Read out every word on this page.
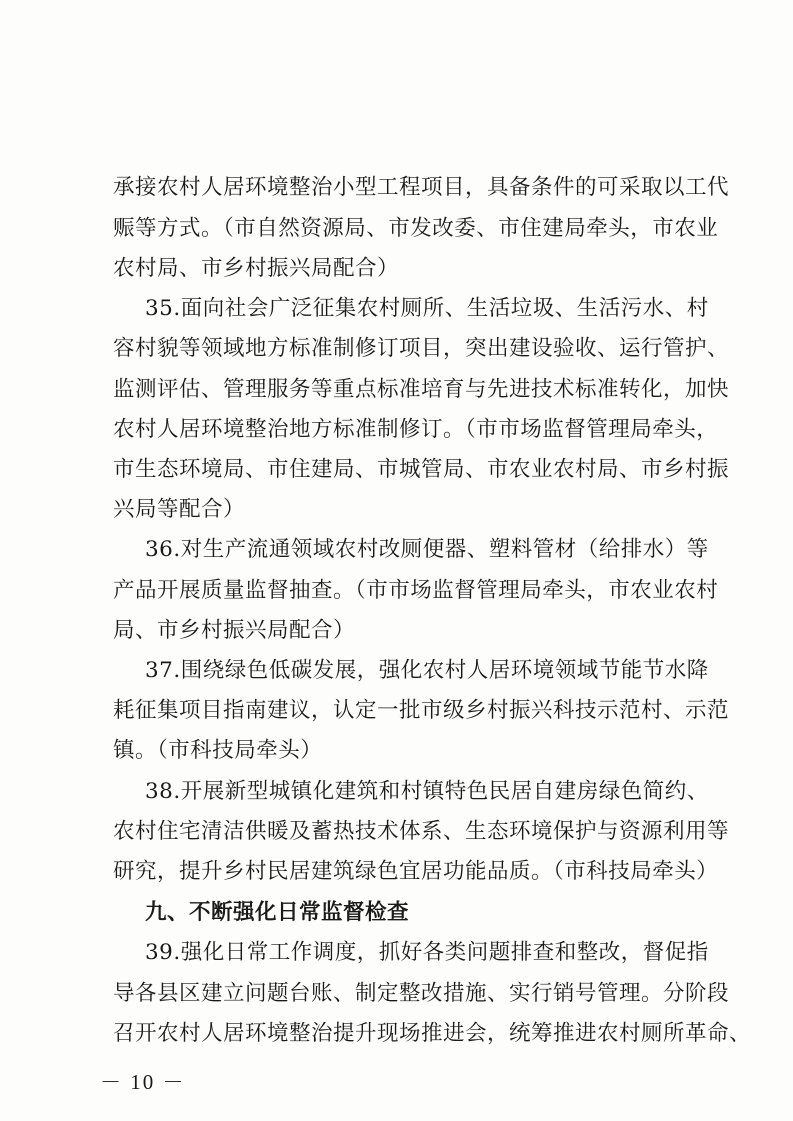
承接农村人居环境整治小型工程项目，具备条件的可采取以工代
赈等方式。（市自然资源局、市发改委、市住建局牵头，市农业
农村局、市乡村振兴局配合）
35.面向社会广泛征集农村厕所、生活垃圾、生活污水、村
容村貌等领域地方标准制修订项目，突出建设验收、运行管护、
监测评估、管理服务等重点标准培育与先进技术标准转化，加快
农村人居环境整治地方标准制修订。（市市场监督管理局牵头，
市生态环境局、市住建局、市城管局、市农业农村局、市乡村振
兴局等配合）
36.对生产流通领域农村改厕便器、塑料管材（给排水）等
产品开展质量监督抽查。（市市场监督管理局牵头，市农业农村
局、市乡村振兴局配合）
37.围绕绿色低碳发展，强化农村人居环境领域节能节水降
耗征集项目指南建议，认定一批市级乡村振兴科技示范村、示范
镇。（市科技局牵头）
38.开展新型城镇化建筑和村镇特色民居自建房绿色简约、
农村住宅清洁供暖及蓄热技术体系、生态环境保护与资源利用等
研究，提升乡村民居建筑绿色宜居功能品质。（市科技局牵头）
九、不断强化日常监督检查
39.强化日常工作调度，抓好各类问题排查和整改，督促指
导各县区建立问题台账、制定整改措施、实行销号管理。分阶段
召开农村人居环境整治提升现场推进会，统筹推进农村厕所革命、
－ 10 －
